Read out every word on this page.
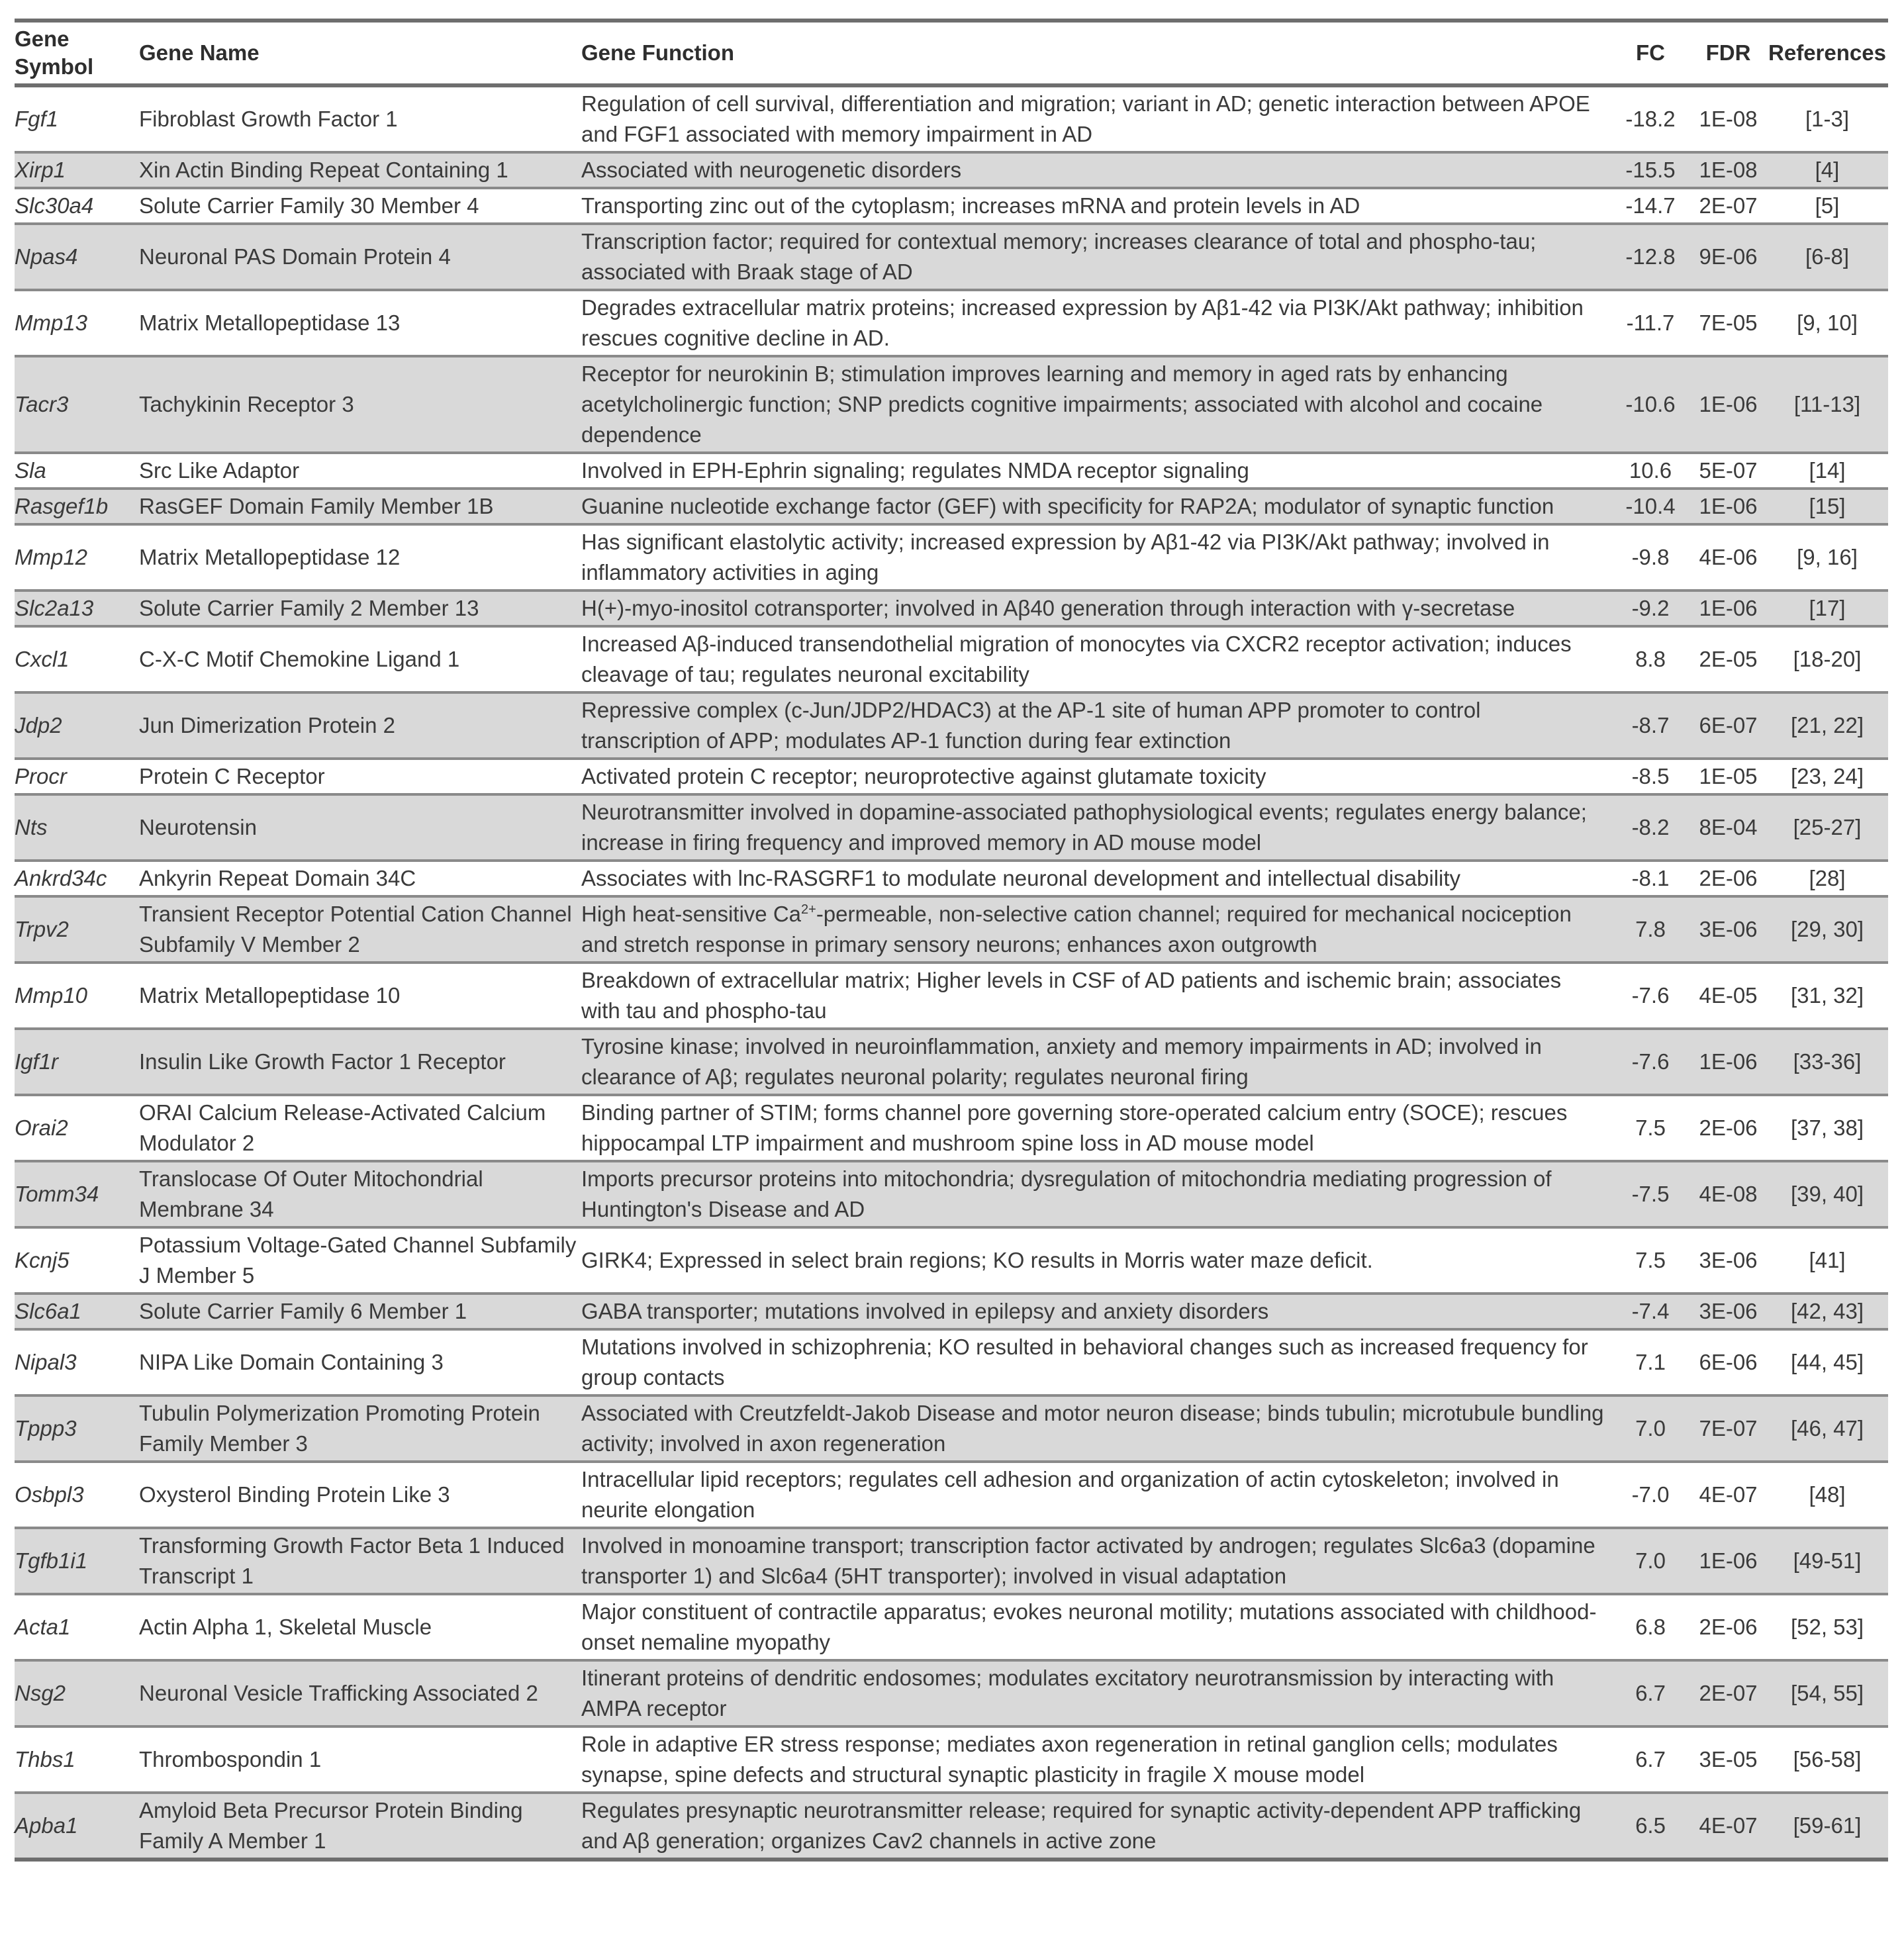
Gene Symbol	Gene Name	Gene Function	FC	FDR	References
Fgf1	Fibroblast Growth Factor 1	Regulation of cell survival, differentiation and migration; variant in AD; genetic interaction between APOE and FGF1 associated with memory impairment in AD	-18.2	1E-08	[1-3]
Xirp1	Xin Actin Binding Repeat Containing 1	Associated with neurogenetic disorders	-15.5	1E-08	[4]
Slc30a4	Solute Carrier Family 30 Member 4	Transporting zinc out of the cytoplasm; increases mRNA and protein levels in AD	-14.7	2E-07	[5]
Npas4	Neuronal PAS Domain Protein 4	Transcription factor; required for contextual memory; increases clearance of total and phospho-tau; associated with Braak stage of AD	-12.8	9E-06	[6-8]
Mmp13	Matrix Metallopeptidase 13	Degrades extracellular matrix proteins; increased expression by Aβ1-42 via PI3K/Akt pathway; inhibition rescues cognitive decline in AD.	-11.7	7E-05	[9, 10]
Tacr3	Tachykinin Receptor 3	Receptor for neurokinin B; stimulation improves learning and memory in aged rats by enhancing acetylcholinergic function; SNP predicts cognitive impairments; associated with alcohol and cocaine dependence	-10.6	1E-06	[11-13]
Sla	Src Like Adaptor	Involved in EPH-Ephrin signaling; regulates NMDA receptor signaling	10.6	5E-07	[14]
Rasgef1b	RasGEF Domain Family Member 1B	Guanine nucleotide exchange factor (GEF) with specificity for RAP2A; modulator of synaptic function	-10.4	1E-06	[15]
Mmp12	Matrix Metallopeptidase 12	Has significant elastolytic activity; increased expression by Aβ1-42 via PI3K/Akt pathway; involved in inflammatory activities in aging	-9.8	4E-06	[9, 16]
Slc2a13	Solute Carrier Family 2 Member 13	H(+)-myo-inositol cotransporter; involved in Aβ40 generation through interaction with γ-secretase	-9.2	1E-06	[17]
Cxcl1	C-X-C Motif Chemokine Ligand 1	Increased Aβ-induced transendothelial migration of monocytes via CXCR2 receptor activation; induces cleavage of tau; regulates neuronal excitability	8.8	2E-05	[18-20]
Jdp2	Jun Dimerization Protein 2	Repressive complex (c-Jun/JDP2/HDAC3) at the AP-1 site of human APP promoter to control transcription of APP; modulates AP-1 function during fear extinction	-8.7	6E-07	[21, 22]
Procr	Protein C Receptor	Activated protein C receptor; neuroprotective against glutamate toxicity	-8.5	1E-05	[23, 24]
Nts	Neurotensin	Neurotransmitter involved in dopamine-associated pathophysiological events; regulates energy balance; increase in firing frequency and improved memory in AD mouse model	-8.2	8E-04	[25-27]
Ankrd34c	Ankyrin Repeat Domain 34C	Associates with lnc-RASGRF1 to modulate neuronal development and intellectual disability	-8.1	2E-06	[28]
Trpv2	Transient Receptor Potential Cation Channel Subfamily V Member 2	High heat-sensitive $Ca^{2+}$-permeable, non-selective cation channel; required for mechanical nociception and stretch response in primary sensory neurons; enhances axon outgrowth	7.8	3E-06	[29, 30]
Mmp10	Matrix Metallopeptidase 10	Breakdown of extracellular matrix; Higher levels in CSF of AD patients and ischemic brain; associates with tau and phospho-tau	-7.6	4E-05	[31, 32]
Igf1r	Insulin Like Growth Factor 1 Receptor	Tyrosine kinase; involved in neuroinflammation, anxiety and memory impairments in AD; involved in clearance of Aβ; regulates neuronal polarity; regulates neuronal firing	-7.6	1E-06	[33-36]
Orai2	ORAI Calcium Release-Activated Calcium Modulator 2	Binding partner of STIM; forms channel pore governing store-operated calcium entry (SOCE); rescues hippocampal LTP impairment and mushroom spine loss in AD mouse model	7.5	2E-06	[37, 38]
Tomm34	Translocase Of Outer Mitochondrial Membrane 34	Imports precursor proteins into mitochondria; dysregulation of mitochondria mediating progression of Huntington's Disease and AD	-7.5	4E-08	[39, 40]
Kcnj5	Potassium Voltage-Gated Channel Subfamily J Member 5	GIRK4; Expressed in select brain regions; KO results in Morris water maze deficit.	7.5	3E-06	[41]
Slc6a1	Solute Carrier Family 6 Member 1	GABA transporter; mutations involved in epilepsy and anxiety disorders	-7.4	3E-06	[42, 43]
Nipal3	NIPA Like Domain Containing 3	Mutations involved in schizophrenia; KO resulted in behavioral changes such as increased frequency for group contacts	7.1	6E-06	[44, 45]
Tppp3	Tubulin Polymerization Promoting Protein Family Member 3	Associated with Creutzfeldt-Jakob Disease and motor neuron disease; binds tubulin; microtubule bundling activity; involved in axon regeneration	7.0	7E-07	[46, 47]
Osbpl3	Oxysterol Binding Protein Like 3	Intracellular lipid receptors; regulates cell adhesion and organization of actin cytoskeleton; involved in neurite elongation	-7.0	4E-07	[48]
Tgfb1i1	Transforming Growth Factor Beta 1 Induced Transcript 1	Involved in monoamine transport; transcription factor activated by androgen; regulates Slc6a3 (dopamine transporter 1) and Slc6a4 (5HT transporter); involved in visual adaptation	7.0	1E-06	[49-51]
Acta1	Actin Alpha 1, Skeletal Muscle	Major constituent of contractile apparatus; evokes neuronal motility; mutations associated with childhood-onset nemaline myopathy	6.8	2E-06	[52, 53]
Nsg2	Neuronal Vesicle Trafficking Associated 2	Itinerant proteins of dendritic endosomes; modulates excitatory neurotransmission by interacting with AMPA receptor	6.7	2E-07	[54, 55]
Thbs1	Thrombospondin 1	Role in adaptive ER stress response; mediates axon regeneration in retinal ganglion cells; modulates synapse, spine defects and structural synaptic plasticity in fragile X mouse model	6.7	3E-05	[56-58]
Apba1	Amyloid Beta Precursor Protein Binding Family A Member 1	Regulates presynaptic neurotransmitter release; required for synaptic activity-dependent APP trafficking and Aβ generation; organizes Cav2 channels in active zone	6.5	4E-07	[59-61]
